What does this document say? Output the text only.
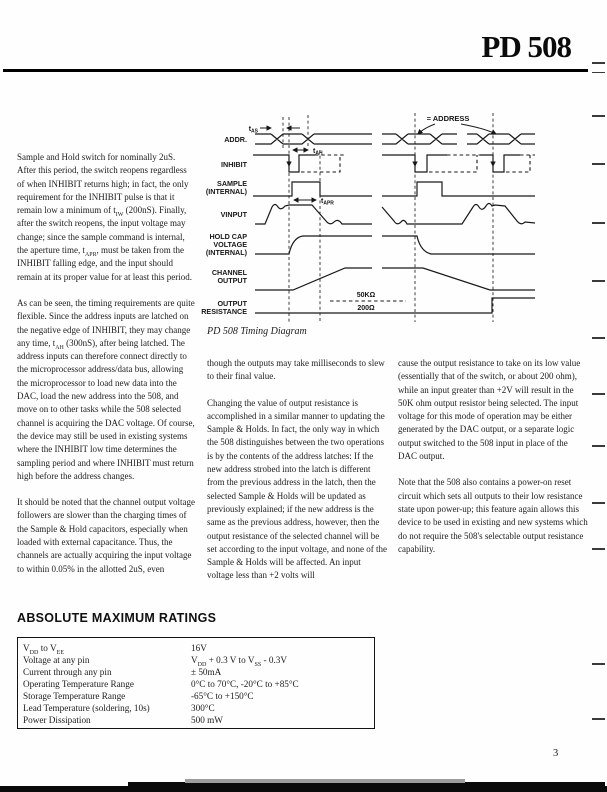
PD 508
ADDR.
INHIBIT
SAMPLE
(INTERNAL)
VINPUT
HOLD CAP
VOLTAGE
(INTERNAL)
CHANNEL
OUTPUT
OUTPUT
RESISTANCE
$t_{AS}$
$t_{AH}$
$t_{APR}$
= ADDRESS
50KΩ
200Ω
PD 508 Timing Diagram

Sample and Hold switch for nominally 2uS. After this period, the switch reopens regardless of when INHIBIT returns high; in fact, the only requirement for the INHIBIT pulse is that it remain low a minimum of $t_{IW}$ (200nS). Finally, after the switch reopens, the input voltage may change; since the sample command is internal, the aperture time, $t_{APR}$, must be taken from the INHIBIT falling edge, and the input should remain at its proper value for at least this period.

As can be seen, the timing requirements are quite flexible. Since the address inputs are latched on the negative edge of INHIBIT, they may change any time, $t_{AH}$ (300nS), after being latched. The address inputs can therefore connect directly to the microprocessor address/data bus, allowing the microprocessor to load new data into the DAC, load the new address into the 508, and move on to other tasks while the 508 selected channel is acquiring the DAC voltage. Of course, the device may still be used in existing systems where the INHIBIT low time determines the sampling period and where INHIBIT must return high before the address changes.

It should be noted that the channel output voltage followers are slower than the charging times of the Sample & Hold capacitors, especially when loaded with external capacitance. Thus, the channels are actually acquiring the input voltage to within 0.05% in the allotted 2uS, even

though the outputs may take milliseconds to slew to their final value.

Changing the value of output resistance is accomplished in a similar manner to updating the Sample & Holds. In fact, the only way in which the 508 distinguishes between the two operations is by the contents of the address latches: If the new address strobed into the latch is different from the previous address in the latch, then the selected Sample & Holds will be updated as previously explained; if the new address is the same as the previous address, however, then the output resistance of the selected channel will be set according to the input voltage, and none of the Sample & Holds will be affected. An input voltage less than +2 volts will

cause the output resistance to take on its low value (essentially that of the switch, or about 200 ohm), while an input greater than +2V will result in the 50K ohm output resistor being selected. The input voltage for this mode of operation may be either generated by the DAC output, or a separate logic output switched to the 508 input in place of the DAC output.

Note that the 508 also contains a power-on reset circuit which sets all outputs to their low resistance state upon power-up; this feature again allows this device to be used in existing and new systems which do not require the 508's selectable output resistance capability.

ABSOLUTE MAXIMUM RATINGS
$V_{DD}$ to $V_{EE}$	16V
Voltage at any pin	$V_{DD} + 0.3$ V to $V_{SS} - 0.3V$
Current through any pin	± 50mA
Operating Temperature Range	0°C to 70°C, -20°C to +85°C
Storage Temperature Range	-65°C to +150°C
Lead Temperature (soldering, 10s)	300°C
Power Dissipation	500 mW
3
